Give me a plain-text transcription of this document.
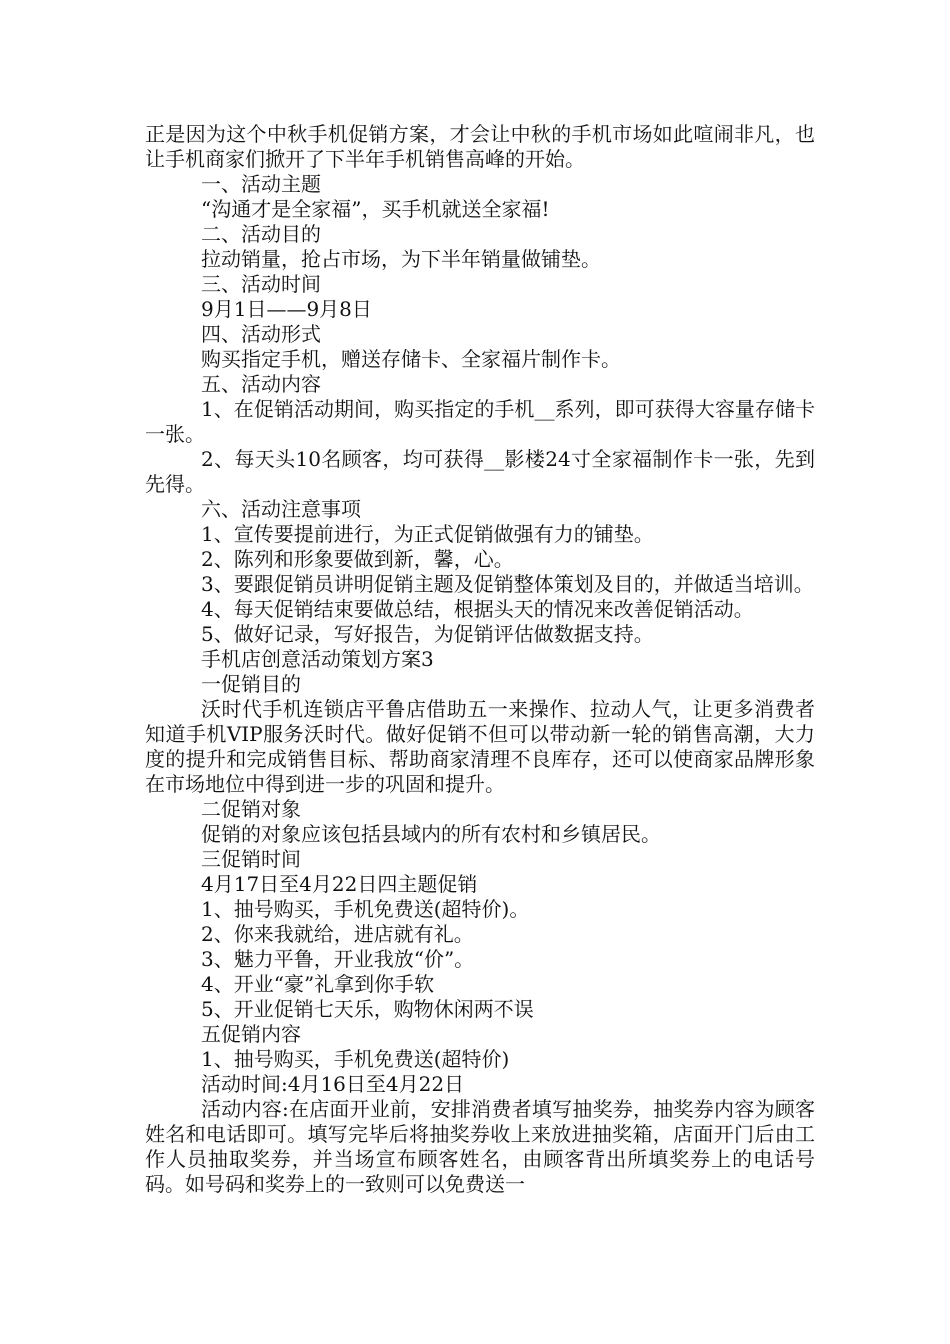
正是因为这个中秋手机促销方案，才会让中秋的手机市场如此喧闹非凡，也让手机商家们掀开了下半年手机销售高峰的开始。

一、活动主题

“沟通才是全家福”，买手机就送全家福!

二、活动目的

拉动销量，抢占市场，为下半年销量做铺垫。

三、活动时间

9月1日——9月8日

四、活动形式

购买指定手机，赠送存储卡、全家福片制作卡。

五、活动内容

1、在促销活动期间，购买指定的手机__系列，即可获得大容量存储卡一张。

2、每天头10名顾客，均可获得__影楼24寸全家福制作卡一张，先到先得。

六、活动注意事项

1、宣传要提前进行，为正式促销做强有力的铺垫。

2、陈列和形象要做到新，馨，心。

3、要跟促销员讲明促销主题及促销整体策划及目的，并做适当培训。

4、每天促销结束要做总结，根据头天的情况来改善促销活动。

5、做好记录，写好报告，为促销评估做数据支持。

手机店创意活动策划方案3

一促销目的

沃时代手机连锁店平鲁店借助五一来操作、拉动人气，让更多消费者知道手机VIP服务沃时代。做好促销不但可以带动新一轮的销售高潮，大力度的提升和完成销售目标、帮助商家清理不良库存，还可以使商家品牌形象在市场地位中得到进一步的巩固和提升。

二促销对象

促销的对象应该包括县域内的所有农村和乡镇居民。

三促销时间

4月17日至4月22日四主题促销

1、抽号购买，手机免费送(超特价)。

2、你来我就给，进店就有礼。

3、魅力平鲁，开业我放“价”。

4、开业“豪”礼拿到你手软

5、开业促销七天乐，购物休闲两不误

五促销内容

1、抽号购买，手机免费送(超特价)

活动时间:4月16日至4月22日

活动内容:在店面开业前，安排消费者填写抽奖券，抽奖券内容为顾客姓名和电话即可。填写完毕后将抽奖券收上来放进抽奖箱，店面开门后由工作人员抽取奖券，并当场宣布顾客姓名，由顾客背出所填奖券上的电话号码。如号码和奖券上的一致则可以免费送一
